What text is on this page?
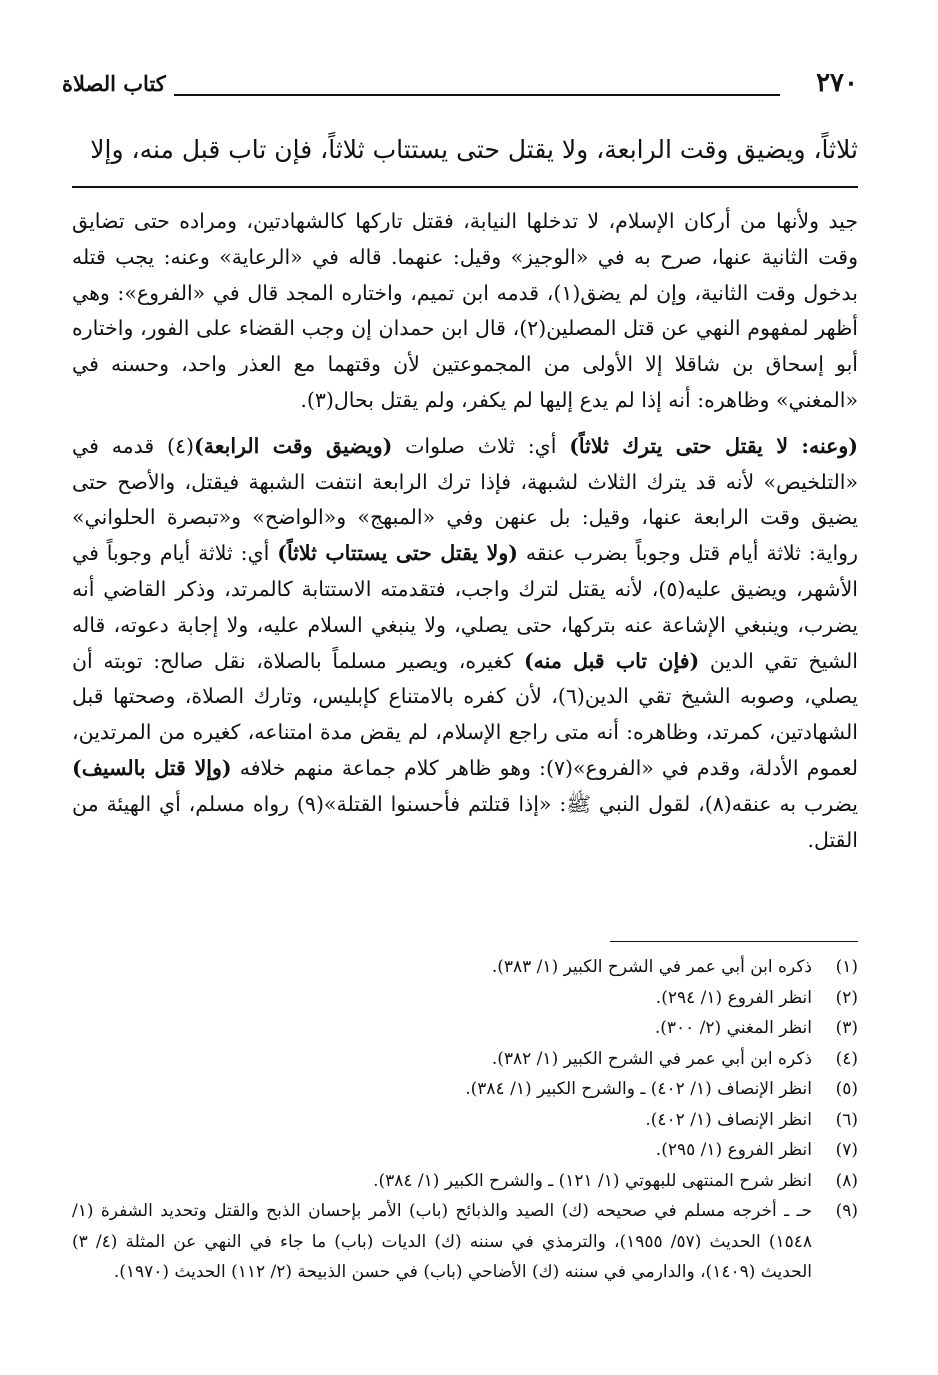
٢٧٠
كتاب الصلاة
ثلاثاً، ويضيق وقت الرابعة، ولا يقتل حتى يستتاب ثلاثاً، فإن تاب قبل منه، وإلا

جيد ولأنها من أركان الإسلام، لا تدخلها النيابة، فقتل تاركها كالشهادتين، ومراده حتى تضايق وقت الثانية عنها، صرح به في «الوجيز» وقيل: عنهما. قاله في «الرعاية» وعنه: يجب قتله بدخول وقت الثانية، وإن لم يضق(١)، قدمه ابن تميم، واختاره المجد قال في «الفروع»: وهي أظهر لمفهوم النهي عن قتل المصلين(٢)، قال ابن حمدان إن وجب القضاء على الفور، واختاره أبو إسحاق بن شاقلا إلا الأولى من المجموعتين لأن وقتهما مع العذر واحد، وحسنه في «المغني» وظاهره: أنه إذا لم يدع إليها لم يكفر، ولم يقتل بحال(٣).

(وعنه: لا يقتل حتى يترك ثلاثاً) أي: ثلاث صلوات (ويضيق وقت الرابعة)(٤) قدمه في «التلخيص» لأنه قد يترك الثلاث لشبهة، فإذا ترك الرابعة انتفت الشبهة فيقتل، والأصح حتى يضيق وقت الرابعة عنها، وقيل: بل عنهن وفي «المبهج» و«الواضح» و«تبصرة الحلواني» رواية: ثلاثة أيام قتل وجوباً بضرب عنقه (ولا يقتل حتى يستتاب ثلاثاً) أي: ثلاثة أيام وجوباً في الأشهر، ويضيق عليه(٥)، لأنه يقتل لترك واجب، فتقدمته الاستتابة كالمرتد، وذكر القاضي أنه يضرب، وينبغي الإشاعة عنه بتركها، حتى يصلي، ولا ينبغي السلام عليه، ولا إجابة دعوته، قاله الشيخ تقي الدين (فإن تاب قبل منه) كغيره، ويصير مسلماً بالصلاة، نقل صالح: توبته أن يصلي، وصوبه الشيخ تقي الدين(٦)، لأن كفره بالامتناع كإبليس، وتارك الصلاة، وصحتها قبل الشهادتين، كمرتد، وظاهره: أنه متى راجع الإسلام، لم يقض مدة امتناعه، كغيره من المرتدين، لعموم الأدلة، وقدم في «الفروع»(٧): وهو ظاهر كلام جماعة منهم خلافه (وإلا قتل بالسيف) يضرب به عنقه(٨)، لقول النبي ﷺ: «إذا قتلتم فأحسنوا القتلة»(٩) رواه مسلم، أي الهيئة من القتل.

(١)
ذكره ابن أبي عمر في الشرح الكبير (١/ ٣٨٣).
(٢)
انظر الفروع (١/ ٢٩٤).
(٣)
انظر المغني (٢/ ٣٠٠).
(٤)
ذكره ابن أبي عمر في الشرح الكبير (١/ ٣٨٢).
(٥)
انظر الإنصاف (١/ ٤٠٢) ـ والشرح الكبير (١/ ٣٨٤).
(٦)
انظر الإنصاف (١/ ٤٠٢).
(٧)
انظر الفروع (١/ ٢٩٥).
(٨)
انظر شرح المنتهى للبهوتي (١/ ١٢١) ـ والشرح الكبير (١/ ٣٨٤).
(٩)
حـ ـ أخرجه مسلم في صحيحه (ك) الصيد والذبائح (باب) الأمر بإحسان الذبح والقتل وتحديد الشفرة (١/ ١٥٤٨) الحديث (٥٧/ ١٩٥٥)، والترمذي في سننه (ك) الديات (باب) ما جاء في النهي عن المثلة (٤/ ٣) الحديث (١٤٠٩)، والدارمي في سننه (ك) الأضاحي (باب) في حسن الذبيحة (٢/ ١١٢) الحديث (١٩٧٠).
